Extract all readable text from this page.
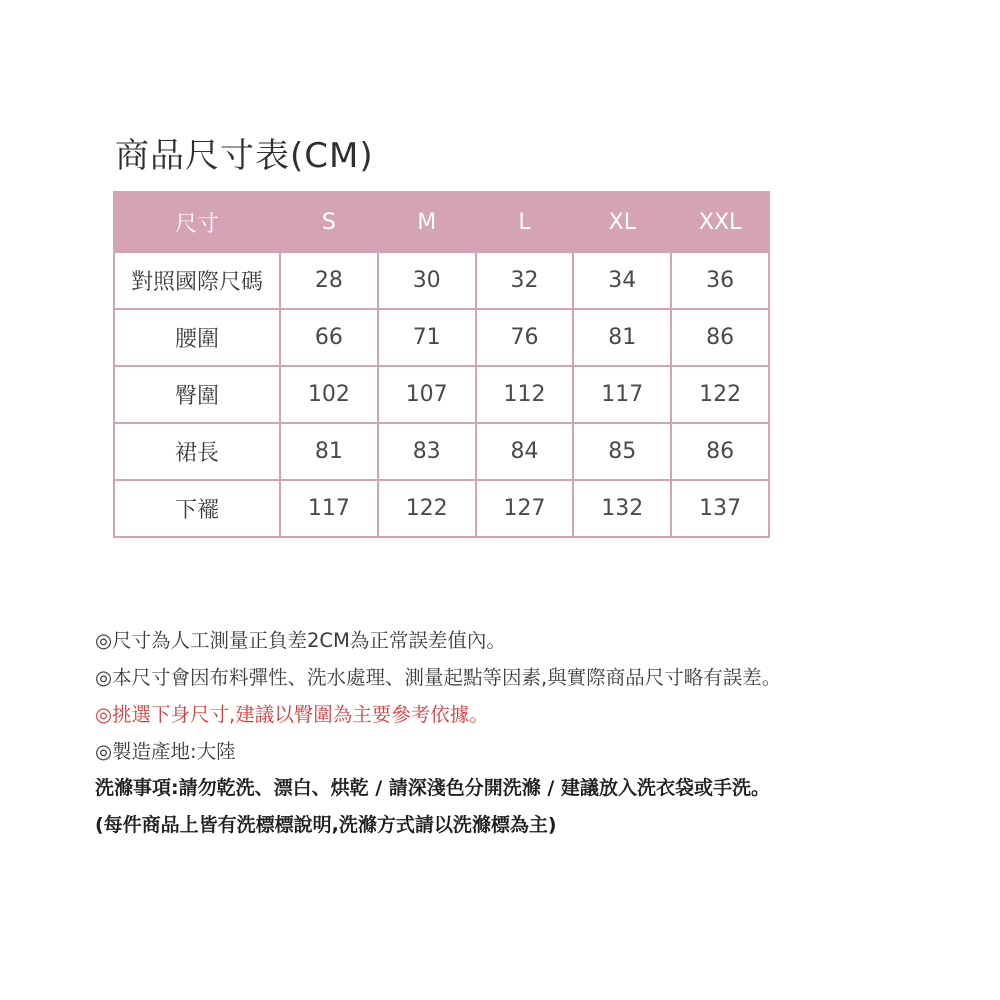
商品尺寸表(CM)
尺寸	S	M	L	XL	XXL
對照國際尺碼	28	30	32	34	36
腰圍	66	71	76	81	86
臀圍	102	107	112	117	122
裙長	81	83	84	85	86
下襬	117	122	127	132	137
◎尺寸為人工測量正負差2CM為正常誤差值內。
◎本尺寸會因布料彈性、洗水處理、測量起點等因素,與實際商品尺寸略有誤差。
◎挑選下身尺寸,建議以臀圍為主要參考依據。
◎製造產地:大陸
洗滌事項:請勿乾洗、漂白、烘乾 / 請深淺色分開洗滌 / 建議放入洗衣袋或手洗。
(每件商品上皆有洗標標說明,洗滌方式請以洗滌標為主)
